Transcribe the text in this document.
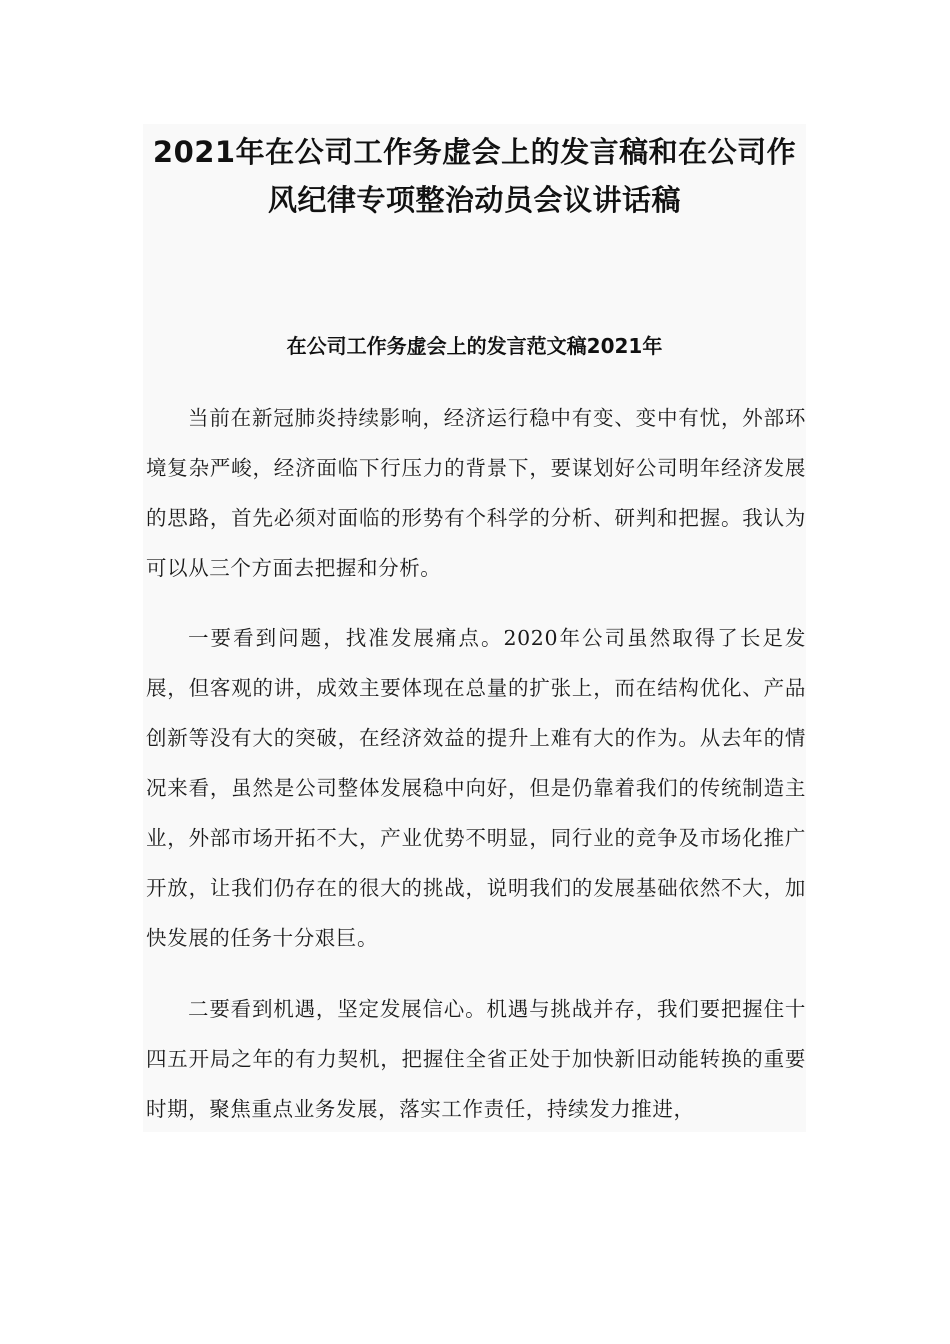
2021年在公司工作务虚会上的发言稿和在公司作风纪律专项整治动员会议讲话稿
在公司工作务虚会上的发言范文稿2021年

当前在新冠肺炎持续影响，经济运行稳中有变、变中有忧，外部环境复杂严峻，经济面临下行压力的背景下，要谋划好公司明年经济发展的思路，首先必须对面临的形势有个科学的分析、研判和把握。我认为可以从三个方面去把握和分析。

一要看到问题，找准发展痛点。2020年公司虽然取得了长足发展，但客观的讲，成效主要体现在总量的扩张上，而在结构优化、产品创新等没有大的突破，在经济效益的提升上难有大的作为。从去年的情况来看，虽然是公司整体发展稳中向好，但是仍靠着我们的传统制造主业，外部市场开拓不大，产业优势不明显，同行业的竞争及市场化推广开放，让我们仍存在的很大的挑战，说明我们的发展基础依然不大，加快发展的任务十分艰巨。

二要看到机遇，坚定发展信心。机遇与挑战并存，我们要把握住十四五开局之年的有力契机，把握住全省正处于加快新旧动能转换的重要时期，聚焦重点业务发展，落实工作责任，持续发力推进，
